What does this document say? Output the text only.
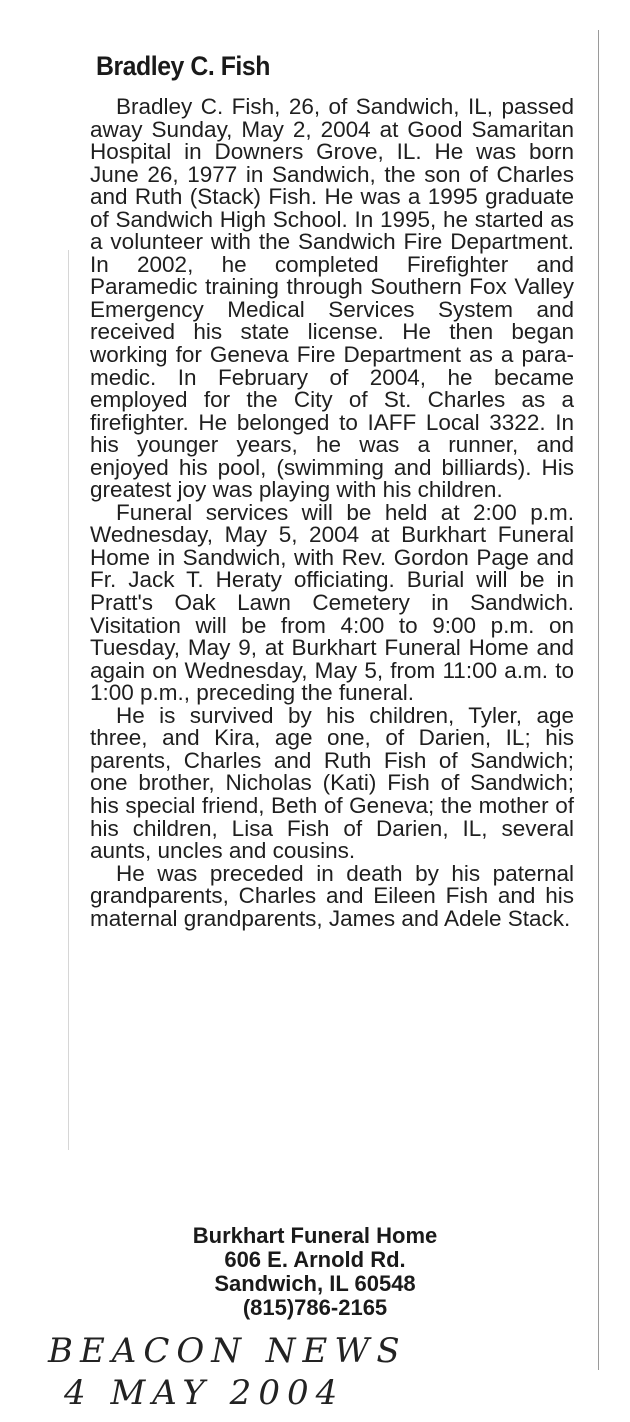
Bradley C. Fish

Bradley C. Fish, 26, of Sandwich, IL, passed away Sunday, May 2, 2004 at Good Samaritan Hospital in Downers Grove, IL. He was born June 26, 1977 in Sandwich, the son of Charles and Ruth (Stack) Fish. He was a 1995 graduate of Sandwich High School. In 1995, he started as a volunteer with the Sandwich Fire Department. In 2002, he completed Firefighter and Paramedic training through Southern Fox Valley Emergency Medical Services System and received his state license. He then began working for Geneva Fire Department as a paramedic. In February of 2004, he became employed for the City of St. Charles as a firefighter. He belonged to IAFF Local 3322. In his younger years, he was a runner, and enjoyed his pool, (swimming and billiards). His greatest joy was playing with his children.

Funeral services will be held at 2:00 p.m. Wednesday, May 5, 2004 at Burkhart Funeral Home in Sandwich, with Rev. Gordon Page and Fr. Jack T. Heraty officiating. Burial will be in Pratt's Oak Lawn Cemetery in Sandwich. Visitation will be from 4:00 to 9:00 p.m. on Tuesday, May 9, at Burkhart Funeral Home and again on Wednesday, May 5, from 11:00 a.m. to 1:00 p.m., preceding the funeral.

He is survived by his children, Tyler, age three, and Kira, age one, of Darien, IL; his parents, Charles and Ruth Fish of Sandwich; one brother, Nicholas (Kati) Fish of Sandwich; his special friend, Beth of Geneva; the mother of his children, Lisa Fish of Darien, IL, several aunts, uncles and cousins.

He was preceded in death by his paternal grandparents, Charles and Eileen Fish and his maternal grandparents, James and Adele Stack.

Burkhart Funeral Home
606 E. Arnold Rd.
Sandwich, IL 60548
(815)786-2165
BEACON NEWS
4 MAY 2004
